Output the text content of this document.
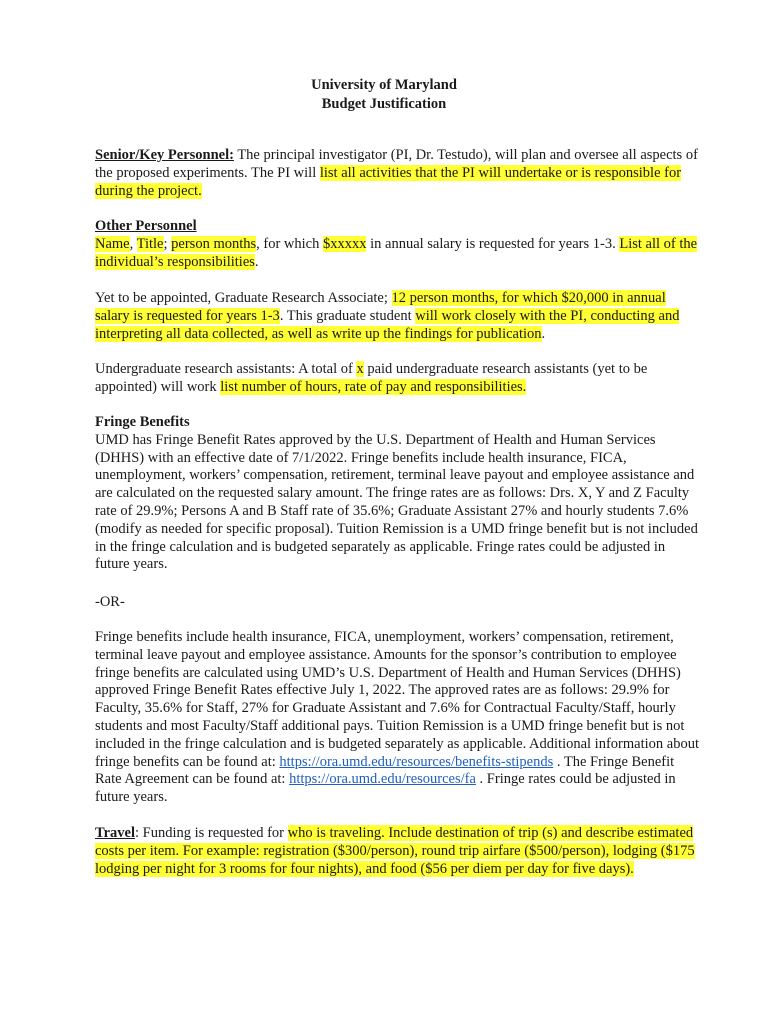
University of Maryland
Budget Justification
Senior/Key Personnel: The principal investigator (PI, Dr. Testudo), will plan and oversee all aspects of the proposed experiments. The PI will list all activities that the PI will undertake or is responsible for during the project.
Other Personnel
Name, Title; person months, for which $xxxxx in annual salary is requested for years 1-3. List all of the individual’s responsibilities.
Yet to be appointed, Graduate Research Associate; 12 person months, for which $20,000 in annual salary is requested for years 1-3. This graduate student will work closely with the PI, conducting and interpreting all data collected, as well as write up the findings for publication.
Undergraduate research assistants: A total of x paid undergraduate research assistants (yet to be appointed) will work list number of hours, rate of pay and responsibilities.
Fringe Benefits
UMD has Fringe Benefit Rates approved by the U.S. Department of Health and Human Services (DHHS) with an effective date of 7/1/2022. Fringe benefits include health insurance, FICA, unemployment, workers’ compensation, retirement, terminal leave payout and employee assistance and are calculated on the requested salary amount. The fringe rates are as follows: Drs. X, Y and Z Faculty rate of 29.9%; Persons A and B Staff rate of 35.6%; Graduate Assistant 27% and hourly students 7.6% (modify as needed for specific proposal). Tuition Remission is a UMD fringe benefit but is not included in the fringe calculation and is budgeted separately as applicable. Fringe rates could be adjusted in future years.
-OR-
Fringe benefits include health insurance, FICA, unemployment, workers’ compensation, retirement, terminal leave payout and employee assistance. Amounts for the sponsor’s contribution to employee fringe benefits are calculated using UMD’s U.S. Department of Health and Human Services (DHHS) approved Fringe Benefit Rates effective July 1, 2022. The approved rates are as follows: 29.9% for Faculty, 35.6% for Staff, 27% for Graduate Assistant and 7.6% for Contractual Faculty/Staff, hourly students and most Faculty/Staff additional pays. Tuition Remission is a UMD fringe benefit but is not included in the fringe calculation and is budgeted separately as applicable. Additional information about fringe benefits can be found at: https://ora.umd.edu/resources/benefits-stipends . The Fringe Benefit Rate Agreement can be found at: https://ora.umd.edu/resources/fa . Fringe rates could be adjusted in future years.
Travel: Funding is requested for who is traveling. Include destination of trip (s) and describe estimated costs per item. For example: registration ($300/person), round trip airfare ($500/person), lodging ($175 lodging per night for 3 rooms for four nights), and food ($56 per diem per day for five days).
